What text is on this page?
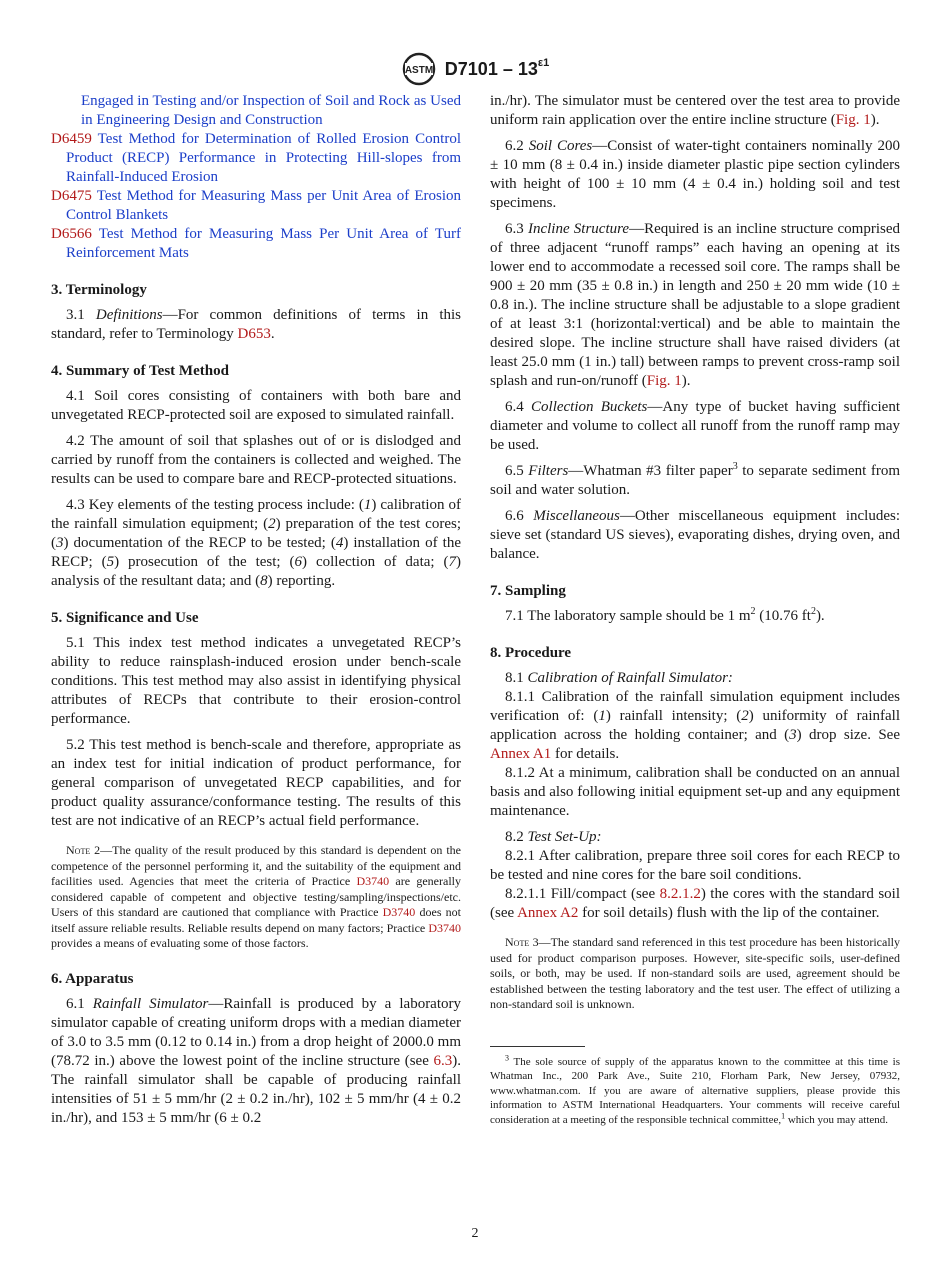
ASTM $D7101 - 13^{\varepsilon 1}$

Engaged in Testing and/or Inspection of Soil and Rock as Used in Engineering Design and Construction

D6459 Test Method for Determination of Rolled Erosion Control Product (RECP) Performance in Protecting Hill-slopes from Rainfall-Induced Erosion

D6475 Test Method for Measuring Mass per Unit Area of Erosion Control Blankets

D6566 Test Method for Measuring Mass Per Unit Area of Turf Reinforcement Mats

3. Terminology

3.1 Definitions—For common definitions of terms in this standard, refer to Terminology D653.

4. Summary of Test Method

4.1 Soil cores consisting of containers with both bare and unvegetated RECP-protected soil are exposed to simulated rainfall.

4.2 The amount of soil that splashes out of or is dislodged and carried by runoff from the containers is collected and weighed. The results can be used to compare bare and RECP-protected situations.

4.3 Key elements of the testing process include: (1) calibration of the rainfall simulation equipment; (2) preparation of the test cores; (3) documentation of the RECP to be tested; (4) installation of the RECP; (5) prosecution of the test; (6) collection of data; (7) analysis of the resultant data; and (8) reporting.

5. Significance and Use

5.1 This index test method indicates a unvegetated RECP’s ability to reduce rainsplash-induced erosion under bench-scale conditions. This test method may also assist in identifying physical attributes of RECPs that contribute to their erosion-control performance.

5.2 This test method is bench-scale and therefore, appropriate as an index test for initial indication of product performance, for general comparison of unvegetated RECP capabilities, and for product quality assurance/conformance testing. The results of this test are not indicative of an RECP’s actual field performance.

Note 2—The quality of the result produced by this standard is dependent on the competence of the personnel performing it, and the suitability of the equipment and facilities used. Agencies that meet the criteria of Practice D3740 are generally considered capable of competent and objective testing/sampling/inspections/etc. Users of this standard are cautioned that compliance with Practice D3740 does not itself assure reliable results. Reliable results depend on many factors; Practice D3740 provides a means of evaluating some of those factors.

6. Apparatus

6.1 Rainfall Simulator—Rainfall is produced by a laboratory simulator capable of creating uniform drops with a median diameter of 3.0 to 3.5 mm (0.12 to 0.14 in.) from a drop height of 2000.0 mm (78.72 in.) above the lowest point of the incline structure (see 6.3). The rainfall simulator shall be capable of producing rainfall intensities of 51 ± 5 mm/hr (2 ± 0.2 in./hr), 102 ± 5 mm/hr (4 ± 0.2 in./hr), and 153 ± 5 mm/hr (6 ± 0.2

in./hr). The simulator must be centered over the test area to provide uniform rain application over the entire incline structure (Fig. 1).

6.2 Soil Cores—Consist of water-tight containers nominally 200 ± 10 mm (8 ± 0.4 in.) inside diameter plastic pipe section cylinders with height of 100 ± 10 mm (4 ± 0.4 in.) holding soil and test specimens.

6.3 Incline Structure—Required is an incline structure comprised of three adjacent “runoff ramps” each having an opening at its lower end to accommodate a recessed soil core. The ramps shall be 900 ± 20 mm (35 ± 0.8 in.) in length and 250 ± 20 mm wide (10 ± 0.8 in.). The incline structure shall be adjustable to a slope gradient of at least 3:1 (horizontal:vertical) and be able to maintain the desired slope. The incline structure shall have raised dividers (at least 25.0 mm (1 in.) tall) between ramps to prevent cross-ramp soil splash and run-on/runoff (Fig. 1).

6.4 Collection Buckets—Any type of bucket having sufficient diameter and volume to collect all runoff from the runoff ramp may be used.

6.5 Filters—Whatman #3 filter paper$^3$ to separate sediment from soil and water solution.

6.6 Miscellaneous—Other miscellaneous equipment includes: sieve set (standard US sieves), evaporating dishes, drying oven, and balance.

7. Sampling

7.1 The laboratory sample should be 1 $m^2$ (10.76 $ft^2$).

8. Procedure

8.1 Calibration of Rainfall Simulator:

8.1.1 Calibration of the rainfall simulation equipment includes verification of: (1) rainfall intensity; (2) uniformity of rainfall application across the holding container; and (3) drop size. See Annex A1 for details.

8.1.2 At a minimum, calibration shall be conducted on an annual basis and also following initial equipment set-up and any equipment maintenance.

8.2 Test Set-Up:

8.2.1 After calibration, prepare three soil cores for each RECP to be tested and nine cores for the bare soil conditions.

8.2.1.1 Fill/compact (see 8.2.1.2) the cores with the standard soil (see Annex A2 for soil details) flush with the lip of the container.

Note 3—The standard sand referenced in this test procedure has been historically used for product comparison purposes. However, site-specific soils, user-defined soils, or both, may be used. If non-standard soils are used, agreement should be established between the testing laboratory and the test user. The effect of utilizing a non-standard soil is unknown.

$^3$ The sole source of supply of the apparatus known to the committee at this time is Whatman Inc., 200 Park Ave., Suite 210, Florham Park, New Jersey, 07932, www.whatman.com. If you are aware of alternative suppliers, please provide this information to ASTM International Headquarters. Your comments will receive careful consideration at a meeting of the responsible technical committee,$^1$ which you may attend.

2
